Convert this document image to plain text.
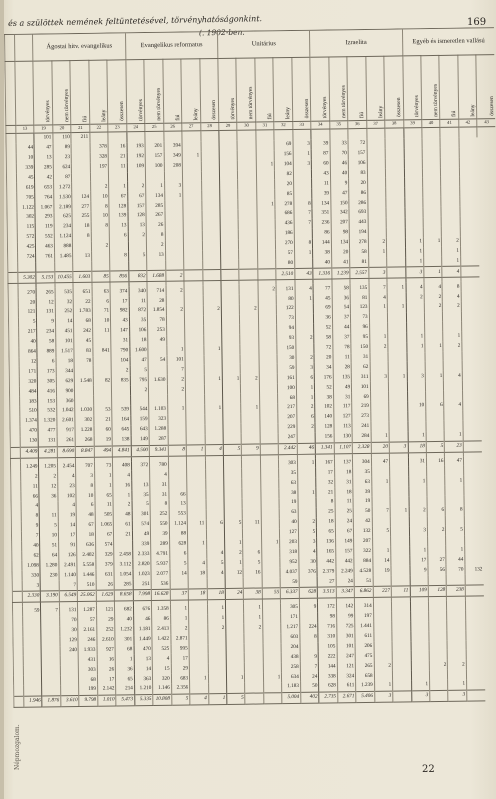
és a szülöttek nemének feltüntetésével, törvényhatóságonkint.	169
(. 1902-ben.
		Ágostai hitv. evangelikus					Evangelikus reformatus					Unitárius					Izraelita					Egyéb és ismeretlen vallású				
		törvényes	nem törvényes	fiú	leány	összesen	törvényes	nem törvényes	fiú	leány	összesen	törvényes	nem törvényes	fiú	leány	összesen	törvényes	nem törvényes	fiú	leány	összesen	törvényes	nem törvényes	fiú	leány	összesen
	13	19	20	21	22	23	24	25	26	27	28	29	30	31	32	33	34	35	36	37	38	39	40	41	42	43
		101	110	211																						
	44	47	89		378	16	193	201	394						69	3	39	33	72							
	10	13	23		328	21	192	157	349	1					156	1	87	70	157							
	339	285	624		197	11	109	100	208					1	104	3	60	46	106							
	45	42	87												82		43	40	83							
	619	653	1.272		2	1	2	1	3						20		11	9	20							
	705	764	1.530	124	10	67	67	134	1						85		39	47	86							
	1.122	1.067	2.189	277	8	128	157	285						1	278	8	134	150	286							
	302	293	625	255	10	139	128	267							686	7	351	342	693							
	115	119	234	18	8	13	13	26							436	7	236	207	443							
	572	552	1.124	8		6	2	8							186		86	98	194							
	425	463	888		2			2							270	8	144	134	278	2		1	1	2		
	724	761	1.485	13		8	5	13							57	1	38	20	58	1		1		1		
															80		40	41	81			1		1		
	5.302	5.153	10.455	1.603	85	856	832	1.688	2						2.510	43	1.316	1.239	2.557	3		3	1	4		

	270	265	535	651	63	374	340	714	2					2	131	4	77	58	135	7	1	4	4	8		
	20	12	32	22	6	17	11	28							80	1	45	36	81	4		2	2	4		
	121	131	252	1.783	71	982	872	1.854	2		2		2		122		69	54	123	1	1		2	2		
	5	9	14	68	10	43	35	78							73		36	37	73							
	217	234	451	242	11	147	106	253							94		52	44	96							
	40	58	101	45		31	18	49							93	2	58	37	95	1		1		1		
	864	889	1.517	83	841	790	1.600		1		1				150		72	78	150	2		1	1	2		
	12	6	18	78		104	47	54	101						30	2	20	11	31							
	171	173	344			2	5		7						59	3	34	28	62							
	320	305	629	1.548	82	835	795	1.630	2		1	1	2		161	6	176	135	311	3	1	3	1	4		
	484	416	900				2		2						100	1	52	49	101							
	183	153	360												68	1	38	31	69							
	510	532	1.042	1.030	53	539	544	1.103	1		1		1		217	2	102	117	219			10	6	4		
	1.374	1.320	2.601	302	21	164	159	323							207	6	140	127	273							
	470	477	917	1.228	60	645	643	1.288							229	2	128	113	241							
	130	131	261	268	19	138	149	287							247		156	130	284	1		1		1		
	4.409	4.281	8.690	8.847	494	4.841	4.500	9.341	8	1	4	5	9		2.442	46	1.341	1.107	2.328	20	3	18	5	23		

	1.249	1.205	2.454	707	73	408	372	780							303	1	167	137	304	47		31	16	47		
	2	2	4	3	1	4		4							35		17	18	35							
	11	12	23	8	1	16	13	31							63		32	31	63	1		1		1		
	66	36	102	10	65	1	35	31	66						38	1	21	18	39							
	4		4	6	11	2	5	8	13						19		8	11	19							
	8	11	19	48	505	48	301	252	553						63		25	25	50	7	1	2	6	8		
	9	5	14	67	1.065	61	574	550	1.124	11	6	5	11		40	2	18	24	42							
	7	10	17	18	67	21	49	39	88						127	5	65	67	132	5		3	2	5		
	40	51	91	636	574		339	289	628	1		1		1	203	3	136	149	207							
	62	64	126	2.402	329	2.458	2.333	4.791	6		4	2	6		318	4	165	157	322	1		1		1		
	1.098	1.280	2.491	5.558	379	3.112	2.820	5.937	5	4	5	1	5		952	30	442	442	884	14		17	27	44		
	330	230	1.140	1.446	631	1.054	1.023	2.077	14	18	4	12	16		4.037	376	2.379	2.249	4.528	19		9	56	70	132	
	3		7	510	26	285	251	536							59		27	24	51							
	2.330	3.190	6.549	25.062	1.629	8.658	7.998	16.628	37	18	18	24	38	55	6.337	628	3.513	3.347	6.862	227	11	109	128	238		

	59	7	131	1.287	121	682	676	1.358	1		1		1		305	9	172	142	314							
			70	57	29	40	46	86	1		1		1		171		98	99	197							
			30	2.161	252	1.232	1.181	2.413	2		2		2		1.217	224	716	725	1.441							
			129	246	2.610	301	1.449	1.422	2.871						603	8	310	301	611							
			240	1.933	927	68	470	525	995						204		105	101	206							
				431	16	1	13	4	17						438	9	222	247	475							
				303	26	36	14	15	29						258	7	144	121	265	2			2	2		
				68	17	65	363	320	683	1		1		1	634	24	338	324	658							
				199	2.142	214	1.210	1.146	2.356						1.183	50	628	611	1.239	1		1		1		
	1.946	1.876	3.610	9.798	1.010	5.473	5.335	10.808	5	4	1	5			5.004	402	2.735	2.671	5.406	3		3		3		
Népmozgalom.	22
